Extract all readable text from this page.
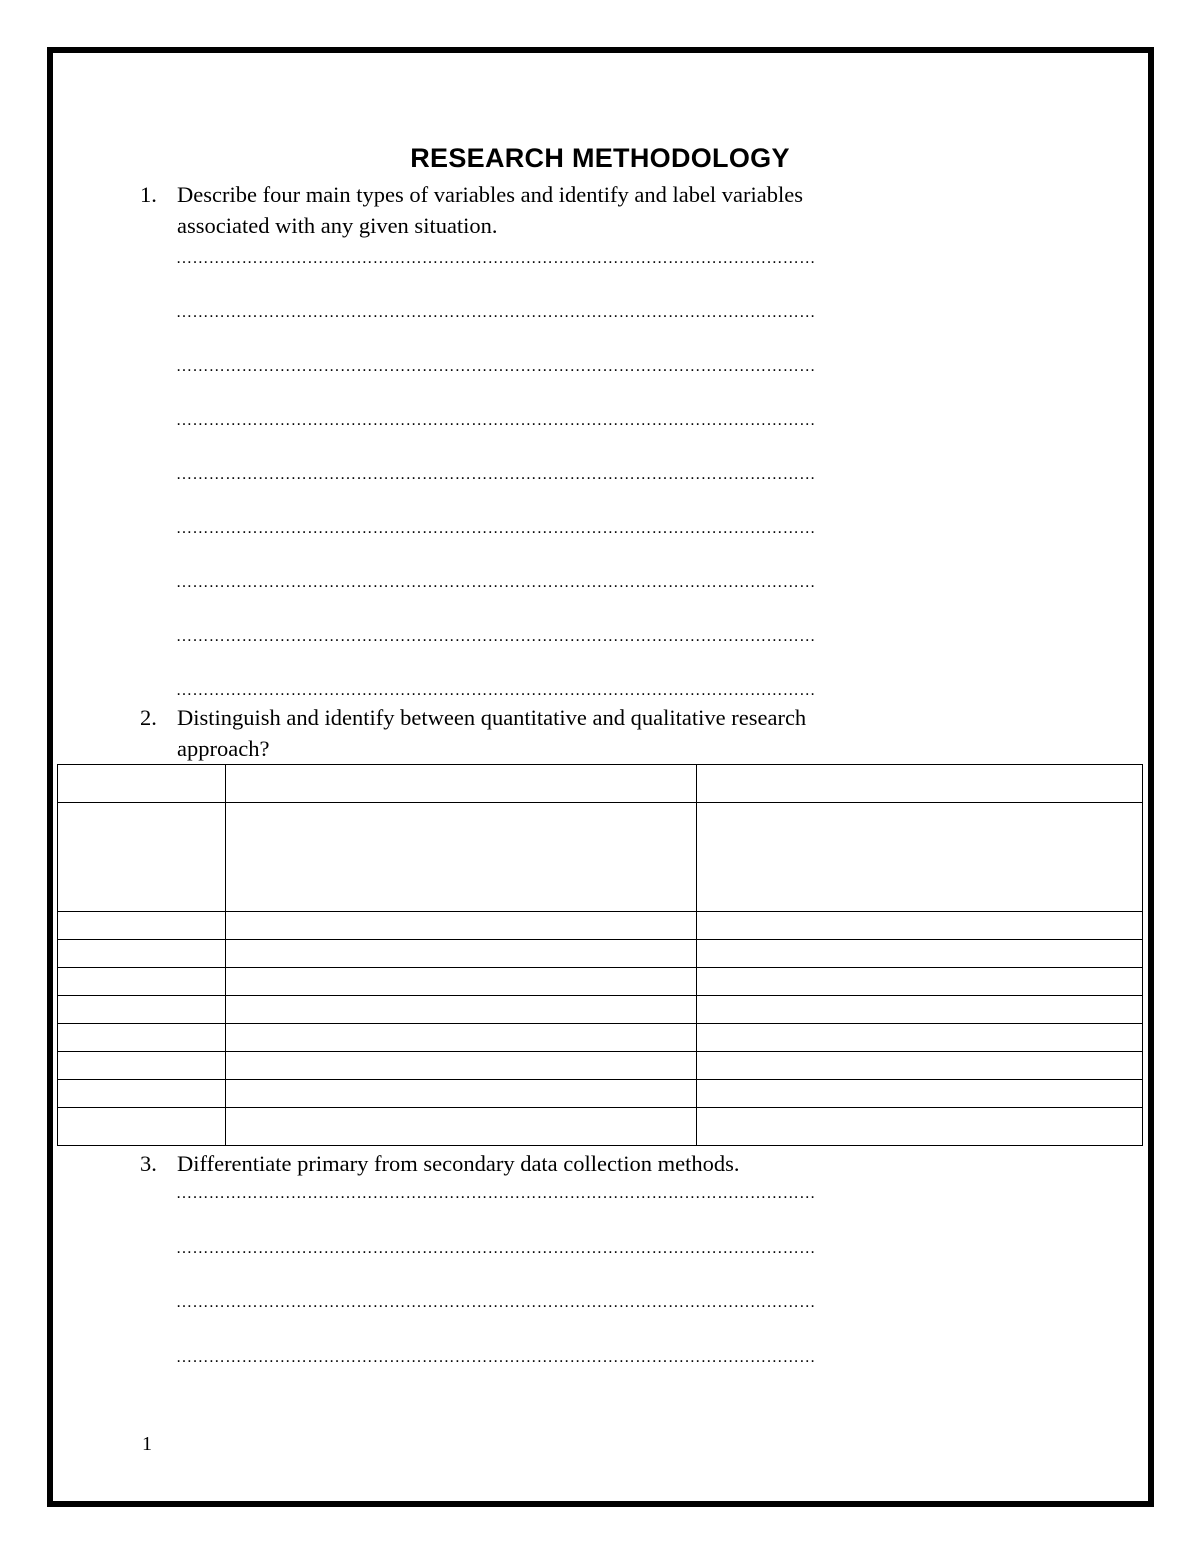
RESEARCH METHODOLOGY
1. Describe four main types of variables and identify and label variables
associated with any given situation.
………………………………………………………………………………………………………
………………………………………………………………………………………………………
………………………………………………………………………………………………………
………………………………………………………………………………………………………
………………………………………………………………………………………………………
………………………………………………………………………………………………………
………………………………………………………………………………………………………
………………………………………………………………………………………………………
………………………………………………………………………………………………………
2. Distinguish and identify between quantitative and qualitative research
approach?

3. Differentiate primary from secondary data collection methods.
………………………………………………………………………………………………………
………………………………………………………………………………………………………
………………………………………………………………………………………………………
………………………………………………………………………………………………………
1
